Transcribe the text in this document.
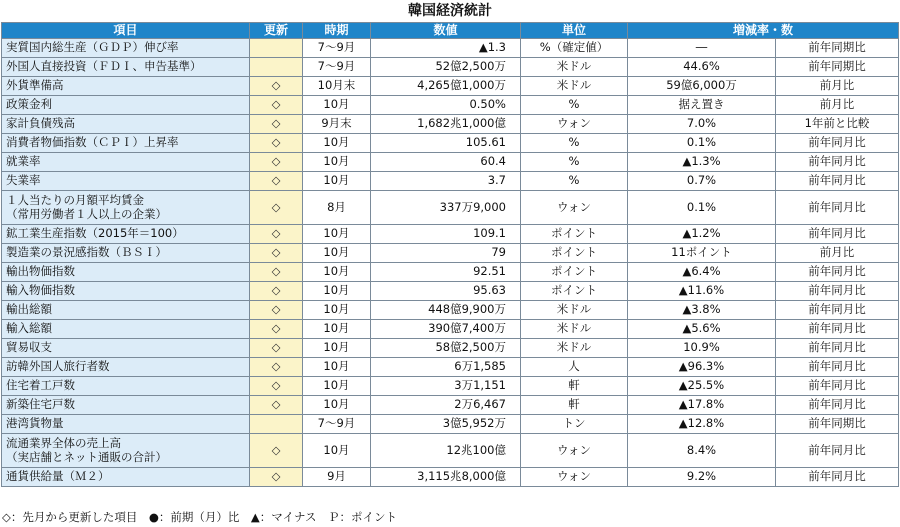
韓国経済統計
項目	更新	時期	数値	単位	増減率・数	
実質国内総生産（ＧＤＰ）伸び率		7～9月	▲1.3	%（確定値）	―	前年同期比
外国人直接投資（ＦＤＩ、申告基準）		7～9月	52億2,500万	米ドル	44.6%	前年同期比
外貨準備高	◇	10月末	4,265億1,000万	米ドル	59億6,000万	前月比
政策金利	◇	10月	0.50%	%	据え置き	前月比
家計負債残高	◇	9月末	1,682兆1,000億	ウォン	7.0%	1年前と比較
消費者物価指数（ＣＰＩ）上昇率	◇	10月	105.61	%	0.1%	前年同月比
就業率	◇	10月	60.4	%	▲1.3%	前年同月比
失業率	◇	10月	3.7	%	0.7%	前年同月比
１人当たりの月額平均賃金
（常用労働者１人以上の企業）	◇	8月	337万9,000	ウォン	0.1%	前年同月比
鉱工業生産指数（2015年＝100）	◇	10月	109.1	ポイント	▲1.2%	前年同月比
製造業の景況感指数（ＢＳＩ）	◇	10月	79	ポイント	11ポイント	前月比
輸出物価指数	◇	10月	92.51	ポイント	▲6.4%	前年同月比
輸入物価指数	◇	10月	95.63	ポイント	▲11.6%	前年同月比
輸出総額	◇	10月	448億9,900万	米ドル	▲3.8%	前年同月比
輸入総額	◇	10月	390億7,400万	米ドル	▲5.6%	前年同月比
貿易収支	◇	10月	58億2,500万	米ドル	10.9%	前年同月比
訪韓外国人旅行者数	◇	10月	6万1,585	人	▲96.3%	前年同月比
住宅着工戸数	◇	10月	3万1,151	軒	▲25.5%	前年同月比
新築住宅戸数	◇	10月	2万6,467	軒	▲17.8%	前年同月比
港湾貨物量		7～9月	3億5,952万	トン	▲12.8%	前年同期比
流通業界全体の売上高
（実店舗とネット通販の合計）	◇	10月	12兆100億	ウォン	8.4%	前年同月比
通貨供給量（Ｍ２）	◇	9月	3,115兆8,000億	ウォン	9.2%	前年同月比
◇：先月から更新した項目　●：前期（月）比　▲：マイナス　Ｐ：ポイント
